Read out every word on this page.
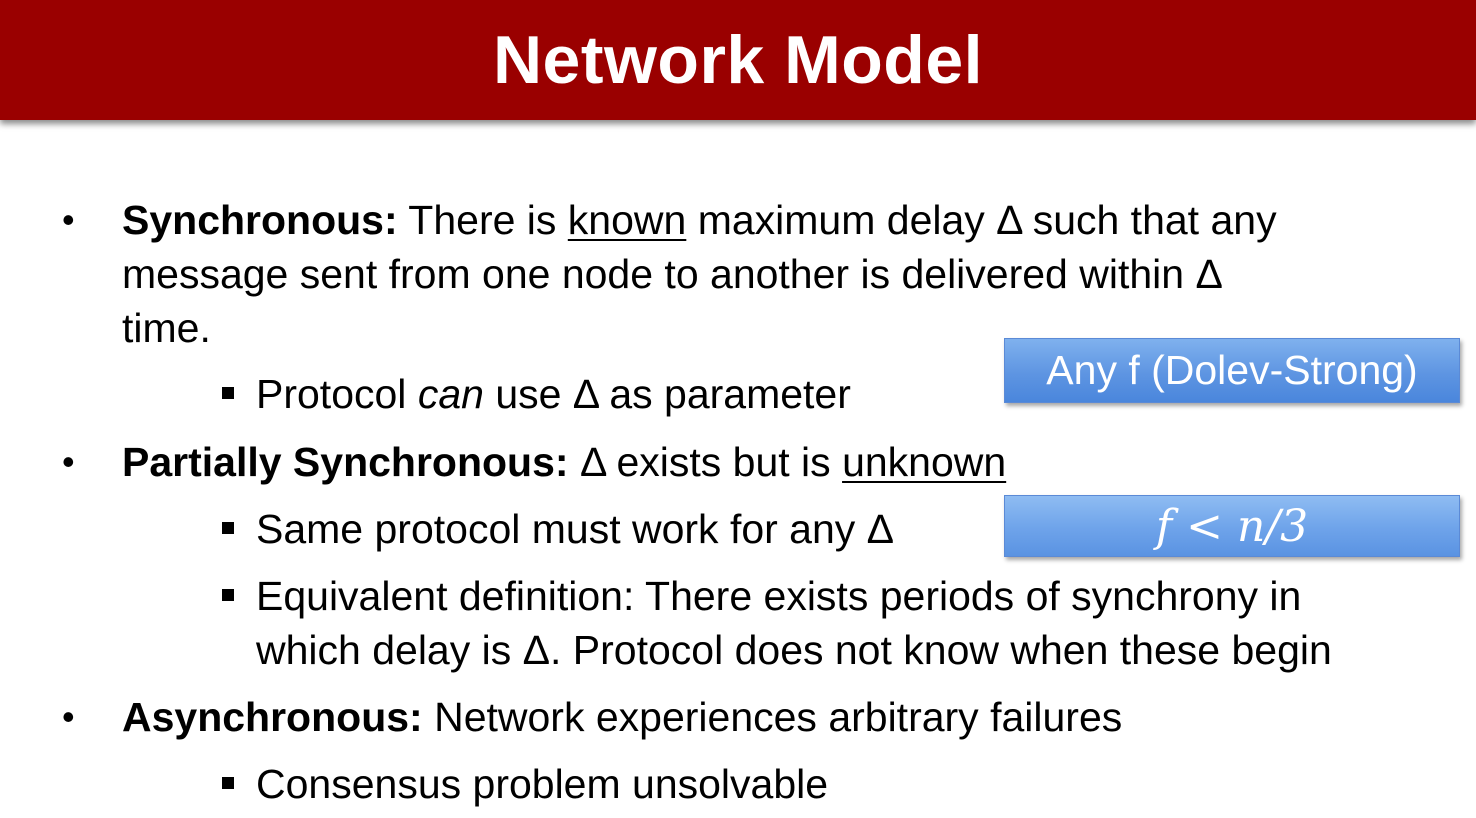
Network Model
• Synchronous: There is known maximum delay Δ such that any
message sent from one node to another is delivered within Δ
time.
Protocol can use Δ as parameter
• Partially Synchronous: Δ exists but is unknown
Same protocol must work for any Δ
Equivalent definition: There exists periods of synchrony in
which delay is Δ. Protocol does not know when these begin
• Asynchronous: Network experiences arbitrary failures
Consensus problem unsolvable
Any f (Dolev-Strong)
f < n/3
